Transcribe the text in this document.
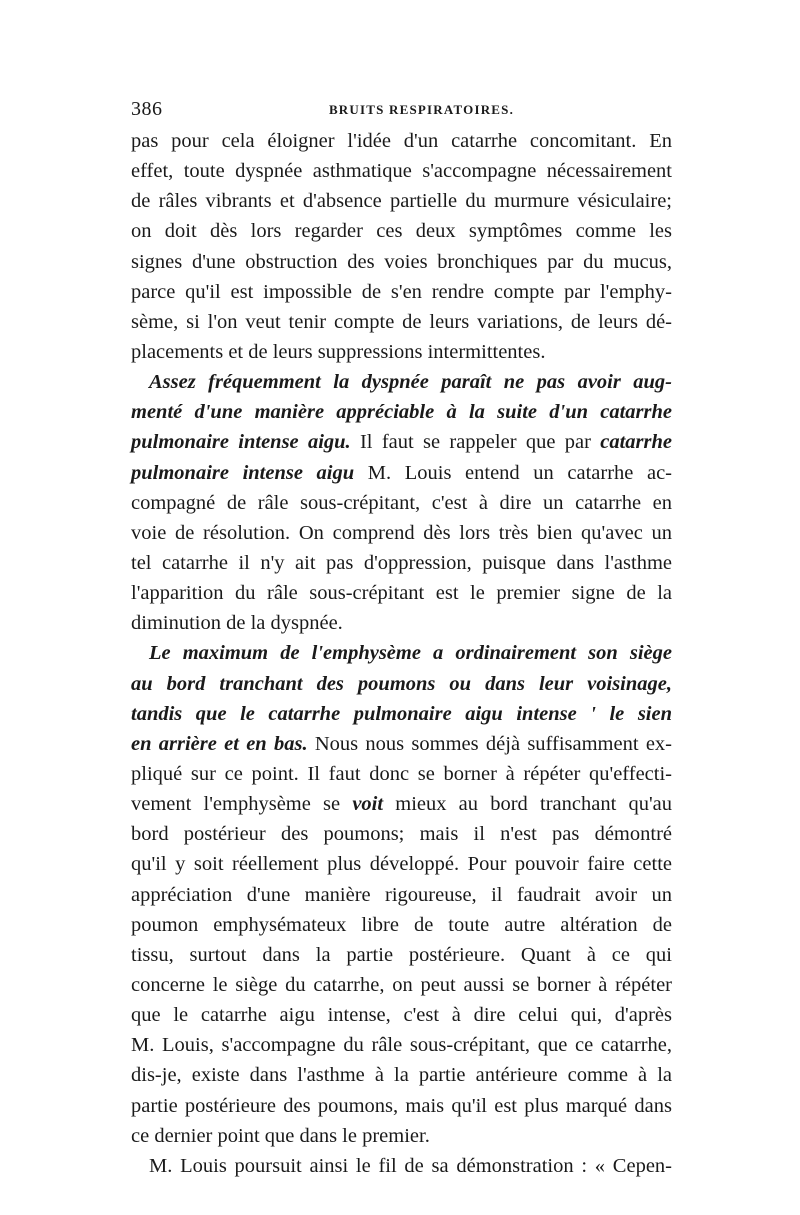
386	BRUITS RESPIRATOIRES.
pas pour cela éloigner l'idée d'un catarrhe concomitant. En
effet, toute dyspnée asthmatique s'accompagne nécessairement
de râles vibrants et d'absence partielle du murmure vésiculaire;
on doit dès lors regarder ces deux symptômes comme les
signes d'une obstruction des voies bronchiques par du mucus,
parce qu'il est impossible de s'en rendre compte par l'emphy-
sème, si l'on veut tenir compte de leurs variations, de leurs dé-
placements et de leurs suppressions intermittentes.
Assez fréquemment la dyspnée paraît ne pas avoir aug-
menté d'une manière appréciable à la suite d'un catarrhe
pulmonaire intense aigu. Il faut se rappeler que par catarrhe
pulmonaire intense aigu M. Louis entend un catarrhe ac-
compagné de râle sous-crépitant, c'est à dire un catarrhe en
voie de résolution. On comprend dès lors très bien qu'avec un
tel catarrhe il n'y ait pas d'oppression, puisque dans l'asthme
l'apparition du râle sous-crépitant est le premier signe de la
diminution de la dyspnée.
Le maximum de l'emphysème a ordinairement son siège
au bord tranchant des poumons ou dans leur voisinage,
tandis que le catarrhe pulmonaire aigu intense ' le sien
en arrière et en bas. Nous nous sommes déjà suffisamment ex-
pliqué sur ce point. Il faut donc se borner à répéter qu'effecti-
vement l'emphysème se voit mieux au bord tranchant qu'au
bord postérieur des poumons; mais il n'est pas démontré
qu'il y soit réellement plus développé. Pour pouvoir faire cette
appréciation d'une manière rigoureuse, il faudrait avoir un
poumon emphysémateux libre de toute autre altération de
tissu, surtout dans la partie postérieure. Quant à ce qui
concerne le siège du catarrhe, on peut aussi se borner à répéter
que le catarrhe aigu intense, c'est à dire celui qui, d'après
M. Louis, s'accompagne du râle sous-crépitant, que ce catarrhe,
dis-je, existe dans l'asthme à la partie antérieure comme à la
partie postérieure des poumons, mais qu'il est plus marqué dans
ce dernier point que dans le premier.
M. Louis poursuit ainsi le fil de sa démonstration : « Cepen-
